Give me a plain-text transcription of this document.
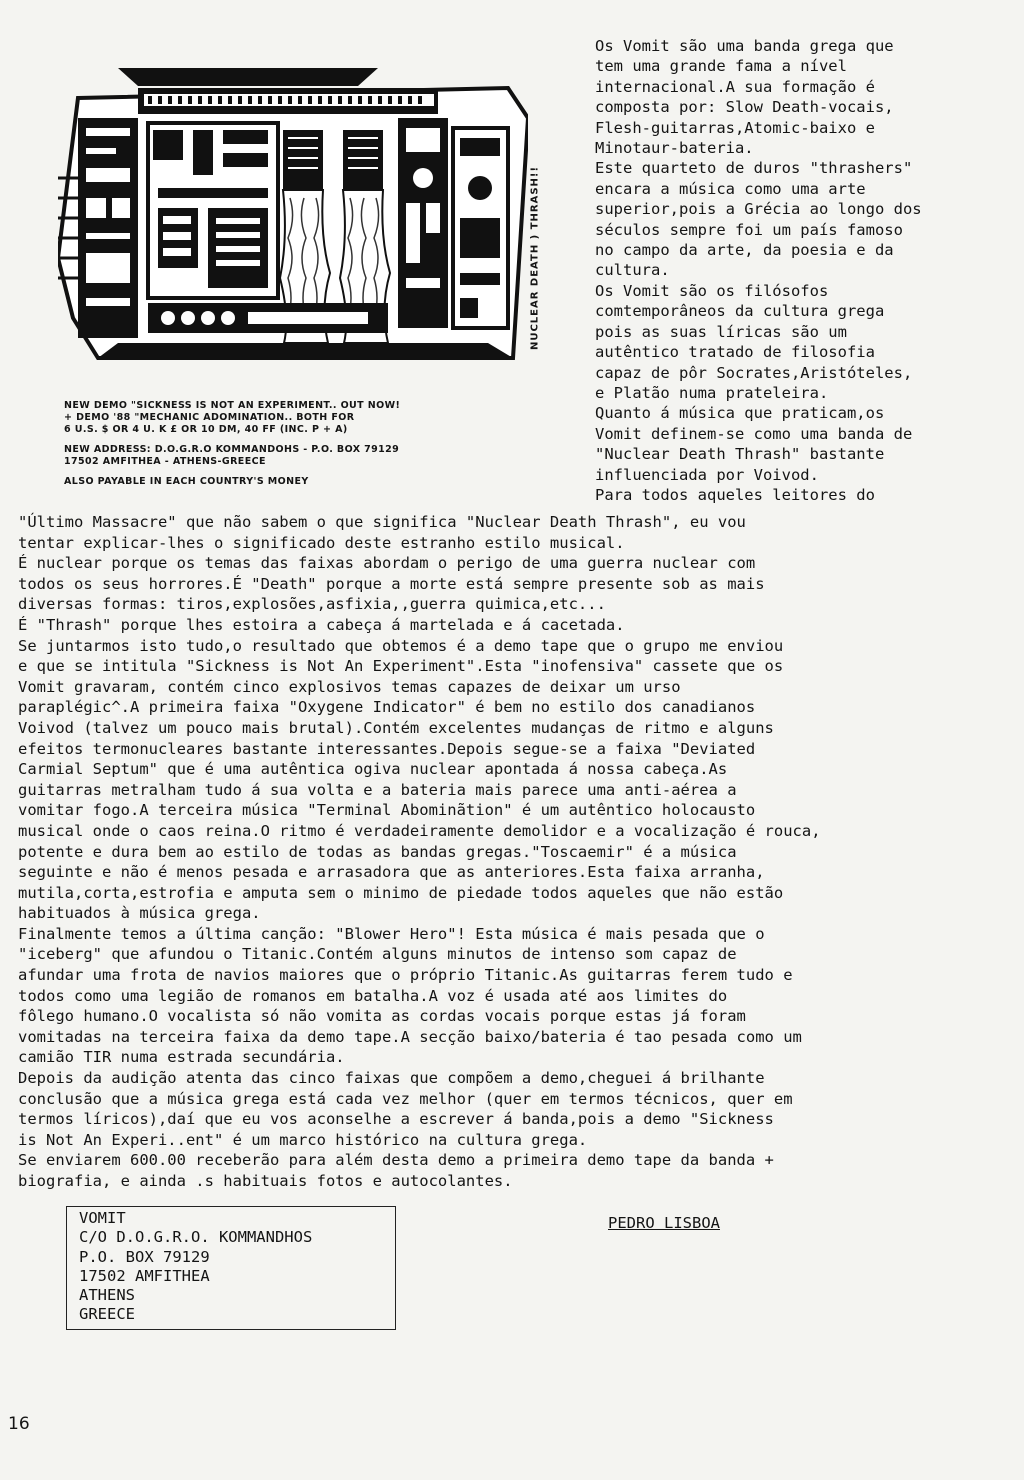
NUCLEAR DEATH ) THRASH!!
NEW DEMO "SICKNESS IS NOT AN EXPERIMENT.. OUT NOW!
+ DEMO '88 "MECHANIC ADOMINATION.. BOTH FOR
6 U.S. $ OR 4 U. K £ OR 10 DM, 40 FF (INC. P + A)
NEW ADDRESS: D.O.G.R.O KOMMANDOHS - P.O. BOX 79129
17502 AMFITHEA - ATHENS-GREECE
ALSO PAYABLE IN EACH COUNTRY'S MONEY
Os Vomit são uma banda grega que
tem uma grande fama a nível
internacional.A sua formação é
composta por: Slow Death-vocais,
Flesh-guitarras,Atomic-baixo e
Minotaur-bateria.
Este quarteto de duros "thrashers"
encara a música como uma arte
superior,pois a Grécia ao longo dos
séculos sempre foi um país famoso
no campo da arte, da poesia e da
cultura.
Os Vomit são os filósofos
comtemporâneos da cultura grega
pois as suas líricas são um
autêntico tratado de filosofia
capaz de pôr Socrates,Aristóteles,
e Platão numa prateleira.
Quanto á música que praticam,os
Vomit definem-se como uma banda de
"Nuclear Death Thrash" bastante
influenciada por Voivod.
Para todos aqueles leitores do
"Último Massacre" que não sabem o que significa "Nuclear Death Thrash", eu vou
tentar explicar-lhes o significado deste estranho estilo musical.
É nuclear porque os temas das faixas abordam o perigo de uma guerra nuclear com
todos os seus horrores.É "Death" porque a morte está sempre presente sob as mais
diversas formas: tiros,explosões,asfixia,,guerra quimica,etc...
É "Thrash" porque lhes estoira a cabeça á martelada e á cacetada.
Se juntarmos isto tudo,o resultado que obtemos é a demo tape que o grupo me enviou
e que se intitula "Sickness is Not An Experiment".Esta "inofensiva" cassete que os
Vomit gravaram, contém cinco explosivos temas capazes de deixar um urso
paraplégic^.A primeira faixa "Oxygene Indicator" é bem no estilo dos canadianos
Voivod (talvez um pouco mais brutal).Contém excelentes mudanças de ritmo e alguns
efeitos termonucleares bastante interessantes.Depois segue-se a faixa "Deviated
Carmial Septum" que é uma autêntica ogiva nuclear apontada á nossa cabeça.As
guitarras metralham tudo á sua volta e a bateria mais parece uma anti-aérea a
vomitar fogo.A terceira música "Terminal Abominãtion" é um autêntico holocausto
musical onde o caos reina.O ritmo é verdadeiramente demolidor e a vocalização é rouca,
potente e dura bem ao estilo de todas as bandas gregas."Toscaemir" é a música
seguinte e não é menos pesada e arrasadora que as anteriores.Esta faixa arranha,
mutila,corta,estrofia e amputa sem o minimo de piedade todos aqueles que não estão
habituados à música grega.
Finalmente temos a última canção: "Blower Hero"! Esta música é mais pesada que o
"iceberg" que afundou o Titanic.Contém alguns minutos de intenso som capaz de
afundar uma frota de navios maiores que o próprio Titanic.As guitarras ferem tudo e
todos como uma legião de romanos em batalha.A voz é usada até aos limites do
fôlego humano.O vocalista só não vomita as cordas vocais porque estas já foram
vomitadas na terceira faixa da demo tape.A secção baixo/bateria é tao pesada como um
camião TIR numa estrada secundária.
Depois da audição atenta das cinco faixas que compõem a demo,cheguei á brilhante
conclusão que a música grega está cada vez melhor (quer em termos técnicos, quer em
termos líricos),daí que eu vos aconselhe a escrever á banda,pois a demo "Sickness
is Not An Experi..ent" é um marco histórico na cultura grega.
Se enviarem 600.00 receberão para além desta demo a primeira demo tape da banda +
biografia, e ainda .s habituais fotos e autocolantes.
VOMIT
C/O D.O.G.R.O. KOMMANDHOS
P.O. BOX 79129
17502 AMFITHEA
ATHENS
GREECE
PEDRO LISBOA
16
